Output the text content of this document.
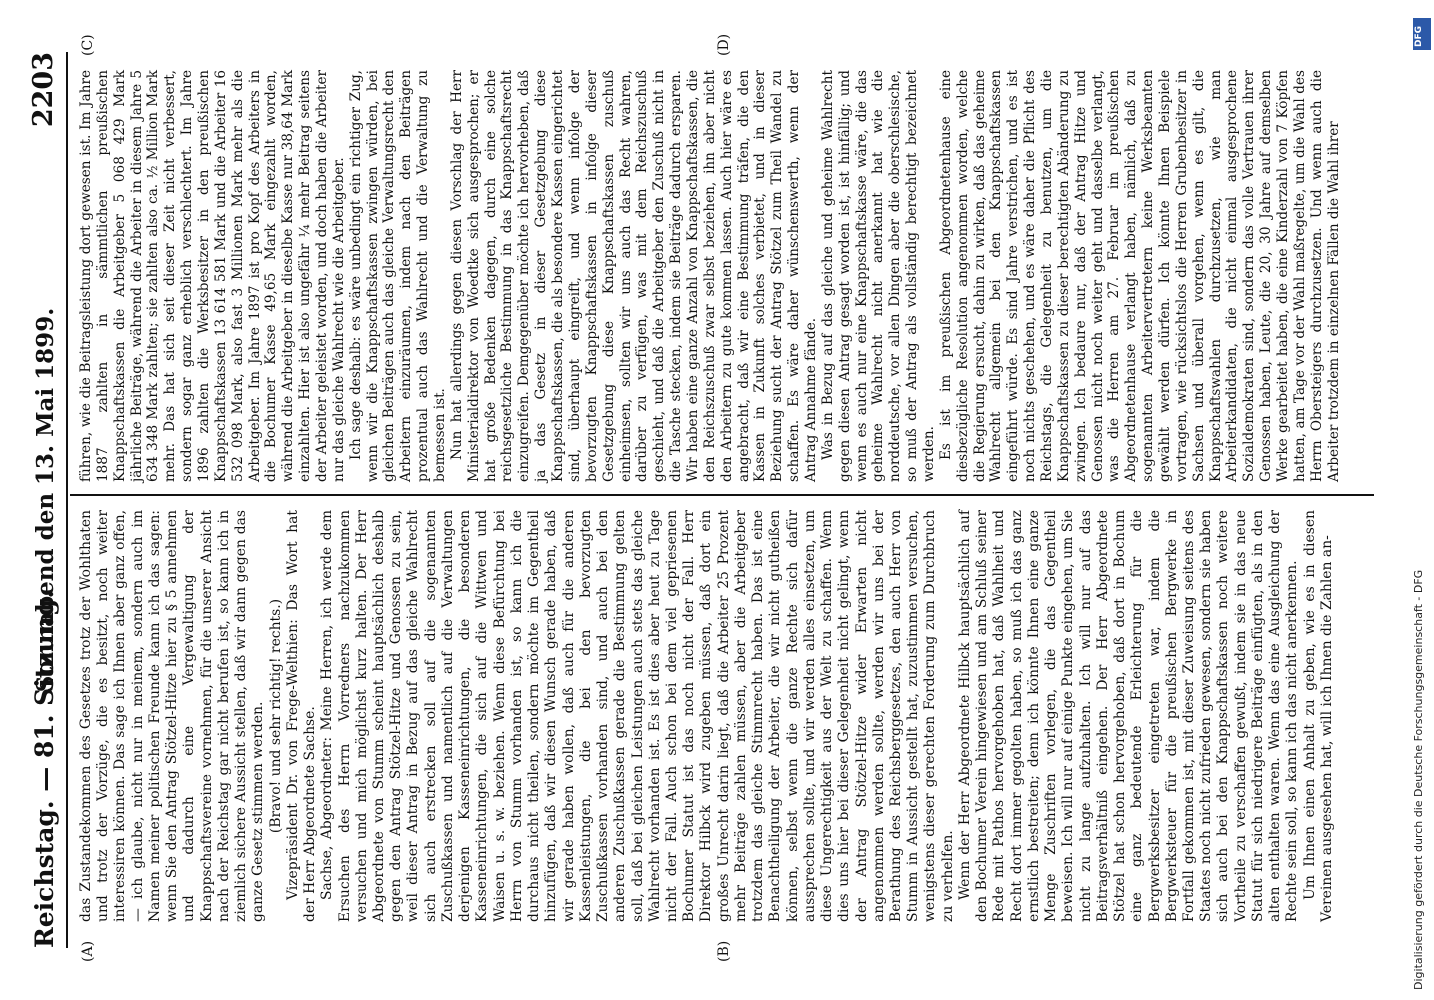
Reichstag. — 81. Sitzung.
Sonnabend den 13. Mai 1899.
2203
(A)	(B)
(C)	(D)

das Zustandekommen des Gesetzes trotz der Wohlthaten und trotz der Vorzüge, die es besitzt, noch weiter interessiren können. Das sage ich Ihnen aber ganz offen, — ich glaube, nicht nur in meinem, sondern auch im Namen meiner politischen Freunde kann ich das sagen: wenn Sie den Antrag Stötzel-Hitze hier zu § 5 annehmen und dadurch eine Vergewaltigung der Knappschaftsvereine vornehmen, für die unserer Ansicht nach der Reichstag gar nicht berufen ist, so kann ich in ziemlich sichere Aussicht stellen, daß wir dann gegen das ganze Gesetz stimmen werden. (Bravo! und sehr richtig! rechts.) Vizepräsident Dr. von Frege-Welthien: Das Wort hat der Herr Abgeordnete Sachse. Sachse, Abgeordneter: Meine Herren, ich werde dem Ersuchen des Herrn Vorredners nachzukommen versuchen und mich möglichst kurz halten. Der Herr Abgeordnete von Stumm scheint hauptsächlich deshalb gegen den Antrag Stötzel-Hitze und Genossen zu sein, weil dieser Antrag in Bezug auf das gleiche Wahlrecht sich auch erstrecken soll auf die sogenannten Zuschußkassen und namentlich auf die Verwaltungen derjenigen Kasseneinrichtungen, die besonderen Kasseneinrichtungen, die sich auf die Wittwen und Waisen u. s. w. beziehen. Wenn diese Befürchtung bei Herrn von Stumm vorhanden ist, so kann ich die durchaus nicht theilen, sondern möchte im Gegentheil hinzufügen, daß wir diesen Wunsch gerade haben, daß wir gerade haben wollen, daß auch für die anderen Kassenleistungen, die bei den bevorzugten Zuschußkassen vorhanden sind, und auch bei den anderen Zuschußkassen gerade die Bestimmung gelten soll, daß bei gleichen Leistungen auch stets das gleiche Wahlrecht vorhanden ist. Es ist dies aber heut zu Tage nicht der Fall. Auch schon bei dem viel gepriesenen Bochumer Statut ist das noch nicht der Fall. Herr Direktor Hilbck wird zugeben müssen, daß dort ein großes Unrecht darin liegt, daß die Arbeiter 25 Prozent mehr Beiträge zahlen müssen, aber die Arbeitgeber trotzdem das gleiche Stimmrecht haben. Das ist eine Benachtheiligung der Arbeiter, die wir nicht gutheißen können, selbst wenn die ganze Rechte sich dafür aussprechen sollte, und wir werden alles einsetzen, um diese Ungerechtigkeit aus der Welt zu schaffen. Wenn dies uns hier bei dieser Gelegenheit nicht gelingt, wenn der Antrag Stötzel-Hitze wider Erwarten nicht angenommen werden sollte, werden wir uns bei der Berathung des Reichsberggesetzes, den auch Herr von Stumm in Aussicht gestellt hat, zuzustimmen versuchen, wenigstens dieser gerechten Forderung zum Durchbruch zu verhelfen. Wenn der Herr Abgeordnete Hilbck hauptsächlich auf den Bochumer Verein hingewiesen und am Schluß seiner Rede mit Pathos hervorgehoben hat, daß Wahlheit und Recht dort immer gegolten haben, so muß ich das ganz ernstlich bestreiten; denn ich könnte Ihnen eine ganze Menge Zuschriften vorlegen, die das Gegentheil beweisen. Ich will nur auf einige Punkte eingehen, um Sie nicht zu lange aufzuhalten. Ich will nur auf das Beitragsverhältniß eingehen. Der Herr Abgeordnete Stötzel hat schon hervorgehoben, daß dort in Bochum eine ganz bedeutende Erleichterung für die Bergwerksbesitzer eingetreten war, indem die Bergwerksteuer für die preußischen Bergwerke in Fortfall gekommen ist, mit dieser Zuweisung seitens des Staates noch nicht zufrieden gewesen, sondern sie haben sich auch bei den Knappschaftskassen noch weitere Vortheile zu verschaffen gewußt, indem sie in das neue Statut für sich niedrigere Beiträge einfügten, als in den alten enthalten waren. Wenn das eine Ausgleichung der Rechte sein soll, so kann ich das nicht anerkennen. Um Ihnen einen Anhalt zu geben, wie es in diesen Vereinen ausgesehen hat, will ich Ihnen die Zahlen an-

führen, wie die Beitragsleistung dort gewesen ist. Im Jahre 1887 zahlten in sämmtlichen preußischen Knappschaftskassen die Arbeitgeber 5 068 429 Mark jährliche Beiträge, während die Arbeiter in diesem Jahre 5 634 348 Mark zahlten; sie zahlten also ca. ½ Million Mark mehr. Das hat sich seit dieser Zeit nicht verbessert, sondern sogar ganz erheblich verschlechtert. Im Jahre 1896 zahlten die Werksbesitzer in den preußischen Knappschaftskassen 13 614 581 Mark und die Arbeiter 16 532 098 Mark, also fast 3 Millionen Mark mehr als die Arbeitgeber. Im Jahre 1897 ist pro Kopf des Arbeiters in die Bochumer Kasse 49,65 Mark eingezahlt worden, während die Arbeitgeber in dieselbe Kasse nur 38,64 Mark einzahlten. Hier ist also ungefähr ¼ mehr Beitrag seitens der Arbeiter geleistet worden, und doch haben die Arbeiter nur das gleiche Wahlrecht wie die Arbeitgeber. Ich sage deshalb: es wäre unbedingt ein richtiger Zug, wenn wir die Knappschaftskassen zwingen würden, bei gleichen Beiträgen auch das gleiche Verwaltungsrecht den Arbeitern einzuräumen, indem nach den Beiträgen prozentual auch das Wahlrecht und die Verwaltung zu bemessen ist. Nun hat allerdings gegen diesen Vorschlag der Herr Ministerialdirektor von Woedtke sich ausgesprochen; er hat große Bedenken dagegen, durch eine solche reichsgesetzliche Bestimmung in das Knappschaftsrecht einzugreifen. Demgegenüber möchte ich hervorheben, daß ja das Gesetz in dieser Gesetzgebung diese Knappschaftskassen, die als besondere Kassen eingerichtet sind, überhaupt eingreift, und wenn infolge der bevorzugten Knappschaftskassen in infolge dieser Gesetzgebung diese Knappschaftskassen zuschuß einheimsen, sollten wir uns auch das Recht wahren, darüber zu verfügen, was mit dem Reichszuschuß geschieht, und daß die Arbeitgeber den Zuschuß nicht in die Tasche stecken, indem sie Beiträge dadurch ersparen. Wir haben eine ganze Anzahl von Knappschaftskassen, die den Reichszuschuß zwar selbst beziehen, ihn aber nicht den Arbeitern zu gute kommen lassen. Auch hier wäre es angebracht, daß wir eine Bestimmung träfen, die den Kassen in Zukunft solches verbietet, und in dieser Beziehung sucht der Antrag Stötzel zum Theil Wandel zu schaffen. Es wäre daher wünschenswerth, wenn der Antrag Annahme fände. Was in Bezug auf das gleiche und geheime Wahlrecht gegen diesen Antrag gesagt worden ist, ist hinfällig; und wenn es auch nur eine Knappschaftskasse wäre, die das geheime Wahlrecht nicht anerkannt hat wie die norddeutsche, vor allen Dingen aber die oberschlesische, so muß der Antrag als vollständig berechtigt bezeichnet werden. Es ist im preußischen Abgeordnetenhause eine diesbezügliche Resolution angenommen worden, welche die Regierung ersucht, dahin zu wirken, daß das geheime Wahlrecht allgemein bei den Knappschaftskassen eingeführt würde. Es sind Jahre verstrichen, und es ist noch nichts geschehen, und es wäre daher die Pflicht des Reichstags, die Gelegenheit zu benutzen, um die Knappschaftskassen zu dieser berechtigten Abänderung zu zwingen. Ich bedaure nur, daß der Antrag Hitze und Genossen nicht noch weiter geht und dasselbe verlangt, was die Herren am 27. Februar im preußischen Abgeordnetenhause verlangt haben, nämlich, daß zu sogenannten Arbeitervertretern keine Werksbeamten gewählt werden dürfen. Ich könnte Ihnen Beispiele vortragen, wie rücksichtslos die Herren Grubenbesitzer in Sachsen und überall vorgehen, wenn es gilt, die Knappschaftswahlen durchzusetzen, wie man Arbeiterkandidaten, die nicht einmal ausgesprochene Sozialdemokraten sind, sondern das volle Vertrauen ihrer Genossen haben, Leute, die 20, 30 Jahre auf demselben Werke gearbeitet haben, die eine Kinderzahl von 7 Köpfen hatten, am Tage vor der Wahl maßregelte, um die Wahl des Herrn Obersteigers durchzusetzen. Und wenn auch die Arbeiter trotzdem in einzelnen Fällen die Wahl ihrer

DFG
Digitalisierung gefördert durch die Deutsche Forschungsgemeinschaft - DFG
